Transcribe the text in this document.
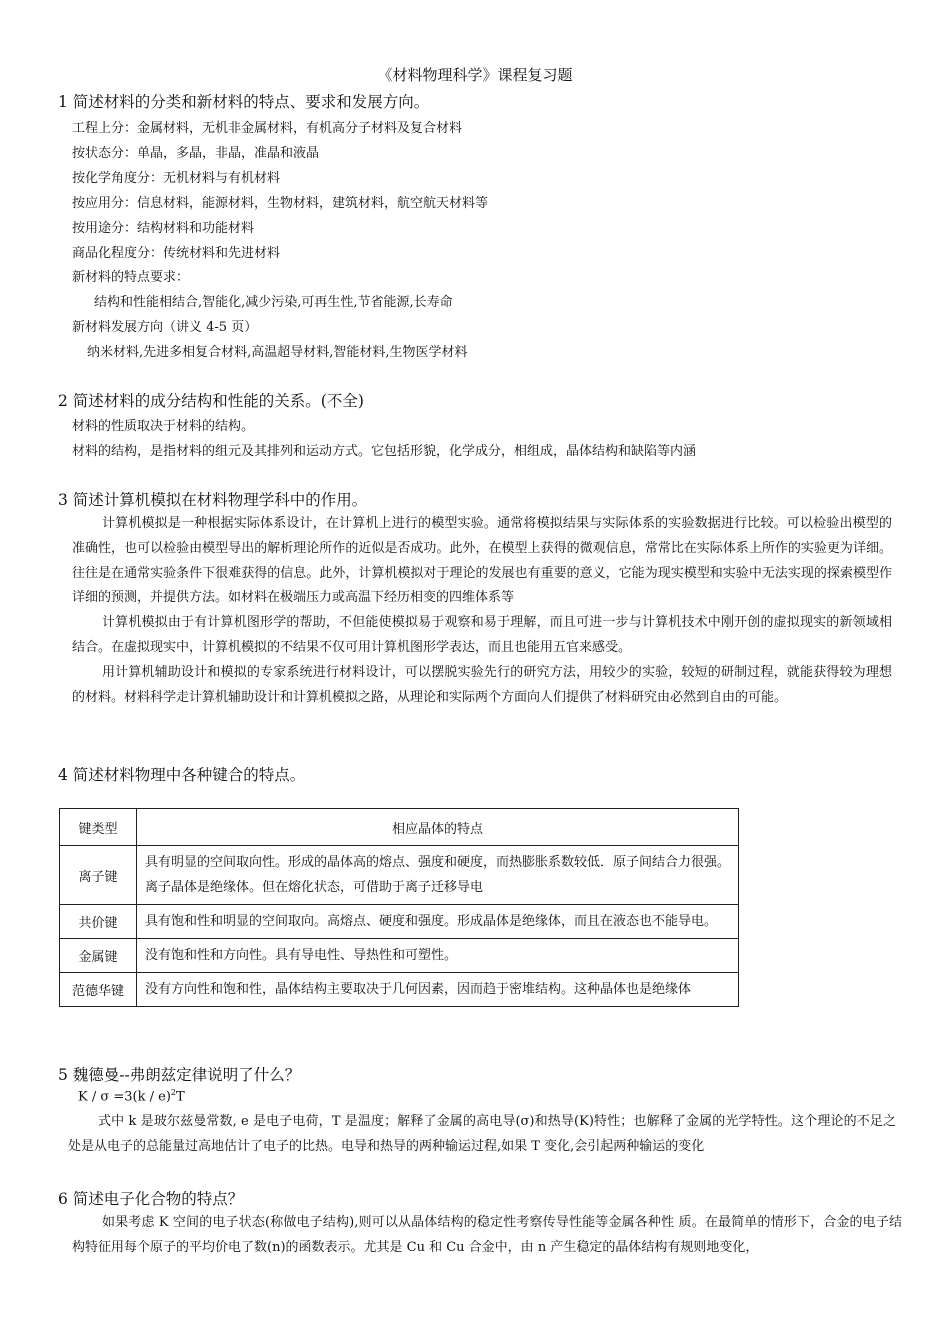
《材料物理科学》课程复习题
1 简述材料的分类和新材料的特点、要求和发展方向。
工程上分：金属材料，无机非金属材料，有机高分子材料及复合材料
按状态分：单晶，多晶，非晶，准晶和液晶
按化学角度分：无机材料与有机材料
按应用分：信息材料，能源材料，生物材料，建筑材料，航空航天材料等
按用途分：结构材料和功能材料
商品化程度分：传统材料和先进材料
新材料的特点要求：
结构和性能相结合,智能化,减少污染,可再生性,节省能源,长寿命
新材料发展方向（讲义 4-5 页）
纳米材料,先进多相复合材料,高温超导材料,智能材料,生物医学材料
2 简述材料的成分结构和性能的关系。(不全)
材料的性质取决于材料的结构。
材料的结构，是指材料的组元及其排列和运动方式。它包括形貌，化学成分，相组成，晶体结构和缺陷等内涵
3 简述计算机模拟在材料物理学科中的作用。
计算机模拟是一种根据实际体系设计，在计算机上进行的模型实验。通常将模拟结果与实际体系的实验数据进行比较。可以检验出模型的准确性，也可以检验由模型导出的解析理论所作的近似是否成功。此外，在模型上获得的微观信息，常常比在实际体系上所作的实验更为详细。往往是在通常实验条件下很难获得的信息。此外，计算机模拟对于理论的发展也有重要的意义，它能为现实模型和实验中无法实现的探索模型作详细的预测，并提供方法。如材料在极端压力或高温下经历相变的四维体系等
计算机模拟由于有计算机图形学的帮助，不但能使模拟易于观察和易于理解，而且可进一步与计算机技术中刚开创的虚拟现实的新领域相结合。在虚拟现实中，计算机模拟的不结果不仅可用计算机图形学表达，而且也能用五官来感受。
用计算机辅助设计和模拟的专家系统进行材料设计，可以摆脱实验先行的研究方法，用较少的实验，较短的研制过程，就能获得较为理想的材料。材料科学走计算机辅助设计和计算机模拟之路，从理论和实际两个方面向人们提供了材料研究由必然到自由的可能。
4 简述材料物理中各种键合的特点。
键类型	相应晶体的特点
离子键	具有明显的空间取向性。形成的晶体高的熔点、强度和硬度，而热膨胀系数较低．原子间结合力很强。离子晶体是绝缘体。但在熔化状态，可借助于离子迁移导电
共价键	具有饱和性和明显的空间取向。高熔点、硬度和强度。形成晶体是绝缘体，而且在液态也不能导电。
金属键	没有饱和性和方向性。具有导电性、导热性和可塑性。
范德华键	没有方向性和饱和性，晶体结构主要取决于几何因素，因而趋于密堆结构。这种晶体也是绝缘体
5 魏德曼--弗朗兹定律说明了什么？
K / σ =3(k / e)$^2$T
式中 k 是玻尔兹曼常数, e 是电子电荷，T 是温度；解释了金属的高电导(σ)和热导(K)特性；也解释了金属的光学特性。这个理论的不足之处是从电子的总能量过高地估计了电子的比热。电导和热导的两种输运过程,如果 T 变化,会引起两种输运的变化
6 简述电子化合物的特点？
如果考虑 K 空间的电子状态(称做电子结构),则可以从晶体结构的稳定性考察传导性能等金属各种性 质。在最简单的情形下，合金的电子结构特征用每个原子的平均价电了数(n)的函数表示。尤其是 Cu 和 Cu 合金中，由 n 产生稳定的晶体结构有规则地变化，
